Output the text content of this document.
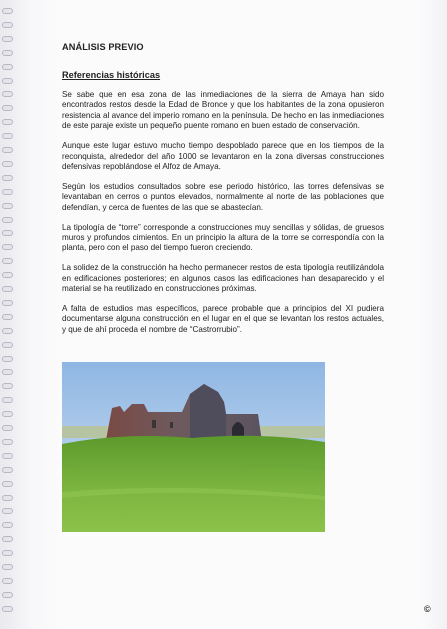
ANÁLISIS PREVIO
Referencias históricas

Se sabe que en esa zona de las inmediaciones de la sierra de Amaya han sido encontrados restos desde la Edad de Bronce y que los habitantes de la zona opusieron resistencia al avance del imperio romano en la península. De hecho en las inmediaciones de este paraje existe un pequeño puente romano en buen estado de conservación.

Aunque este lugar estuvo mucho tiempo despoblado parece que en los tiempos de la reconquista, alrededor del año 1000 se levantaron en la zona diversas construcciones defensivas repoblándose el Alfoz de Amaya.

Según los estudios consultados sobre ese periodo histórico, las torres defensivas se levantaban en cerros o puntos elevados, normalmente al norte de las poblaciones que defendían, y cerca de fuentes de las que se abastecían.

La tipología de “torre” corresponde a construcciones muy sencillas y sólidas, de gruesos muros y profundos cimientos. En un principio la altura de la torre se correspondía con la planta, pero con el paso del tiempo fueron creciendo.

La solidez de la construcción ha hecho permanecer restos de esta tipología reutilizándola en edificaciones posteriores; en algunos casos las edificaciones han desaparecido y el material se ha reutilizado en construcciones próximas.

A falta de estudios mas específicos, parece probable que a principios del XI pudiera documentarse alguna construcción en el lugar en el que se levantan los restos actuales, y que de ahí proceda el nombre de “Castrorrubio”.

©
